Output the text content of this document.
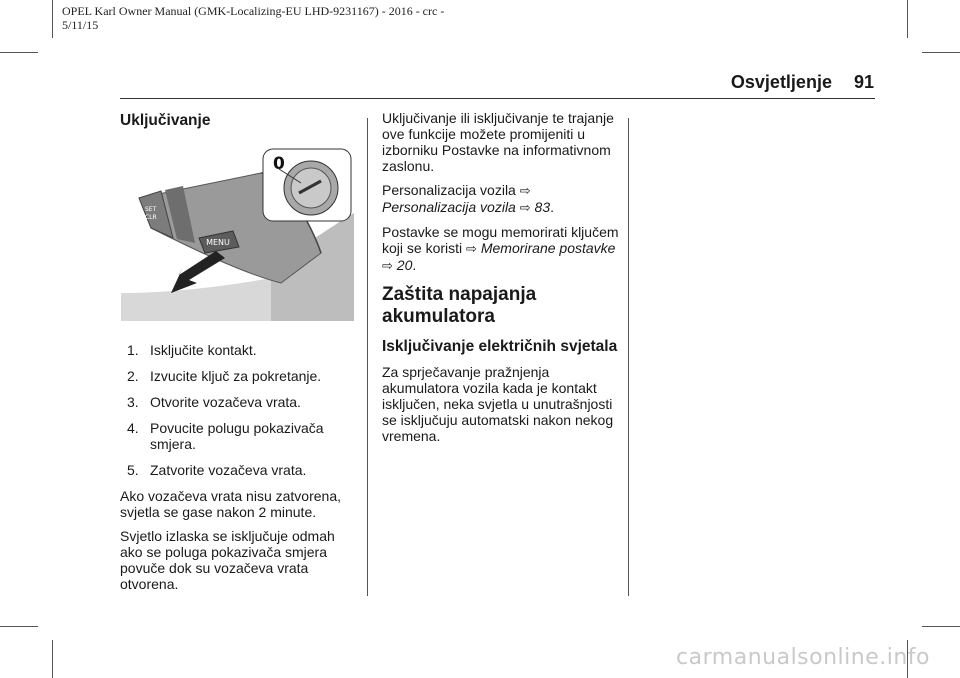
OPEL Karl Owner Manual (GMK-Localizing-EU LHD-9231167) - 2016 - crc -
5/11/15
Osvjetljenje 91
Uključivanje
MENU
SET
CLR
0
1. Isključite kontakt.
2. Izvucite ključ za pokretanje.
3. Otvorite vozačeva vrata.
4. Povucite polugu pokazivača smjera.
5. Zatvorite vozačeva vrata.

Ako vozačeva vrata nisu zatvorena, svjetla se gase nakon 2 minute.

Svjetlo izlaska se isključuje odmah ako se poluga pokazivača smjera povuče dok su vozačeva vrata otvorena.

Uključivanje ili isključivanje te trajanje ove funkcije možete promijeniti u izborniku Postavke na informativnom zaslonu.

Personalizacija vozila ⇨
Personalizacija vozila ⇨ 83.

Postavke se mogu memorirati ključem koji se koristi ⇨ Memorirane postavke ⇨ 20.

Zaštita napajanja akumulatora
Isključivanje električnih svjetala

Za sprječavanje pražnjenja akumulatora vozila kada je kontakt isključen, neka svjetla u unutrašnjosti se isključuju automatski nakon nekog vremena.

carmanualsonline.info
